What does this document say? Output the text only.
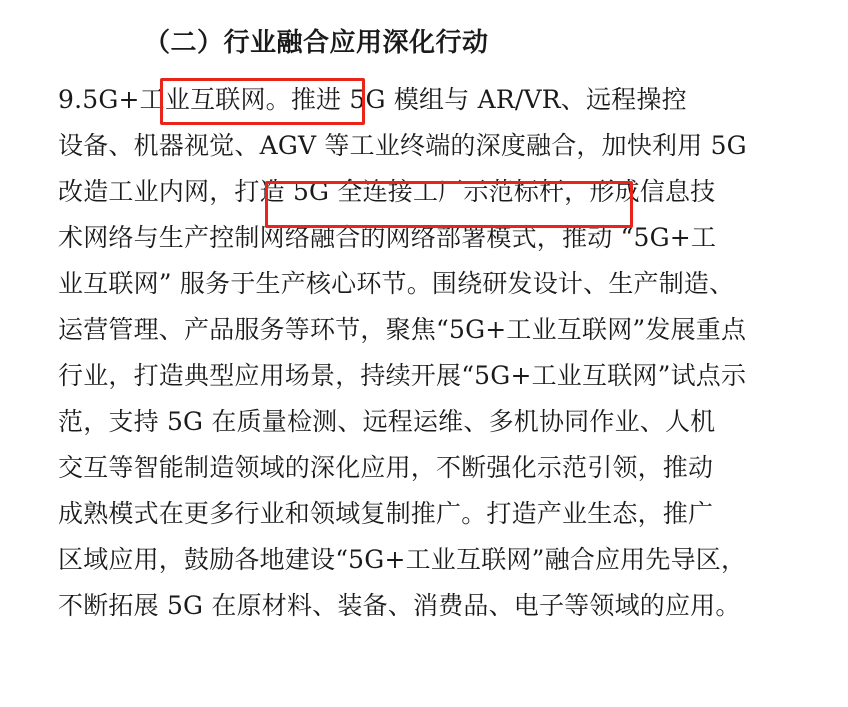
（二）行业融合应用深化行动
9.5G+工业互联网。推进 5G 模组与 AR/VR、远程操控
设备、机器视觉、AGV 等工业终端的深度融合，加快利用 5G
改造工业内网，打造 5G 全连接工厂示范标杆，形成信息技
术网络与生产控制网络融合的网络部署模式，推动 “5G+工
业互联网” 服务于生产核心环节。围绕研发设计、生产制造、
运营管理、产品服务等环节，聚焦“5G+工业互联网”发展重点
行业，打造典型应用场景，持续开展“5G+工业互联网”试点示
范，支持 5G 在质量检测、远程运维、多机协同作业、人机
交互等智能制造领域的深化应用，不断强化示范引领，推动
成熟模式在更多行业和领域复制推广。打造产业生态，推广
区域应用，鼓励各地建设“5G+工业互联网”融合应用先导区，
不断拓展 5G 在原材料、装备、消费品、电子等领域的应用。
